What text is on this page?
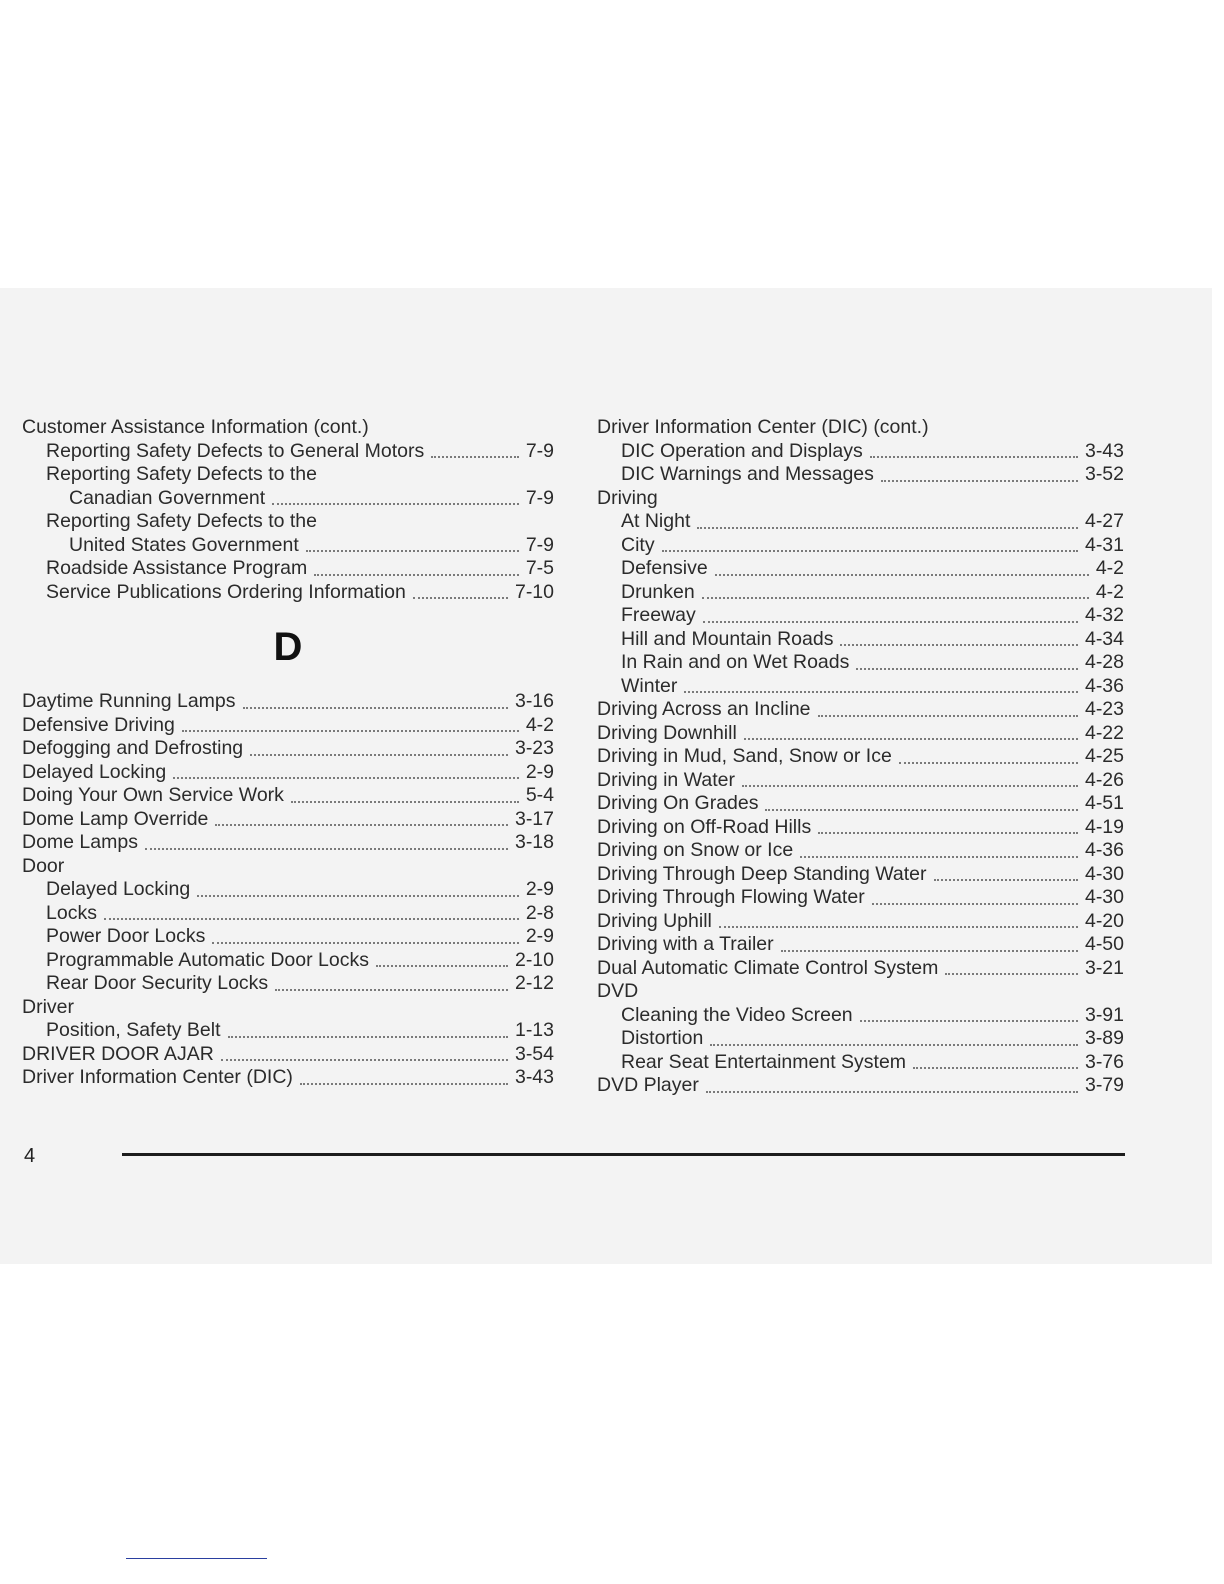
Customer Assistance Information (cont.)
Reporting Safety Defects to General Motors	7-9
Reporting Safety Defects to the
Canadian Government	7-9
Reporting Safety Defects to the
United States Government	7-9
Roadside Assistance Program	7-5
Service Publications Ordering Information	7-10
D
Daytime Running Lamps	3-16
Defensive Driving	4-2
Defogging and Defrosting	3-23
Delayed Locking	2-9
Doing Your Own Service Work	5-4
Dome Lamp Override	3-17
Dome Lamps	3-18
Door
Delayed Locking	2-9
Locks	2-8
Power Door Locks	2-9
Programmable Automatic Door Locks	2-10
Rear Door Security Locks	2-12
Driver
Position, Safety Belt	1-13
DRIVER DOOR AJAR	3-54
Driver Information Center (DIC)	3-43
Driver Information Center (DIC) (cont.)
DIC Operation and Displays	3-43
DIC Warnings and Messages	3-52
Driving
At Night	4-27
City	4-31
Defensive	4-2
Drunken	4-2
Freeway	4-32
Hill and Mountain Roads	4-34
In Rain and on Wet Roads	4-28
Winter	4-36
Driving Across an Incline	4-23
Driving Downhill	4-22
Driving in Mud, Sand, Snow or Ice	4-25
Driving in Water	4-26
Driving On Grades	4-51
Driving on Off-Road Hills	4-19
Driving on Snow or Ice	4-36
Driving Through Deep Standing Water	4-30
Driving Through Flowing Water	4-30
Driving Uphill	4-20
Driving with a Trailer	4-50
Dual Automatic Climate Control System	3-21
DVD
Cleaning the Video Screen	3-91
Distortion	3-89
Rear Seat Entertainment System	3-76
DVD Player	3-79
4
